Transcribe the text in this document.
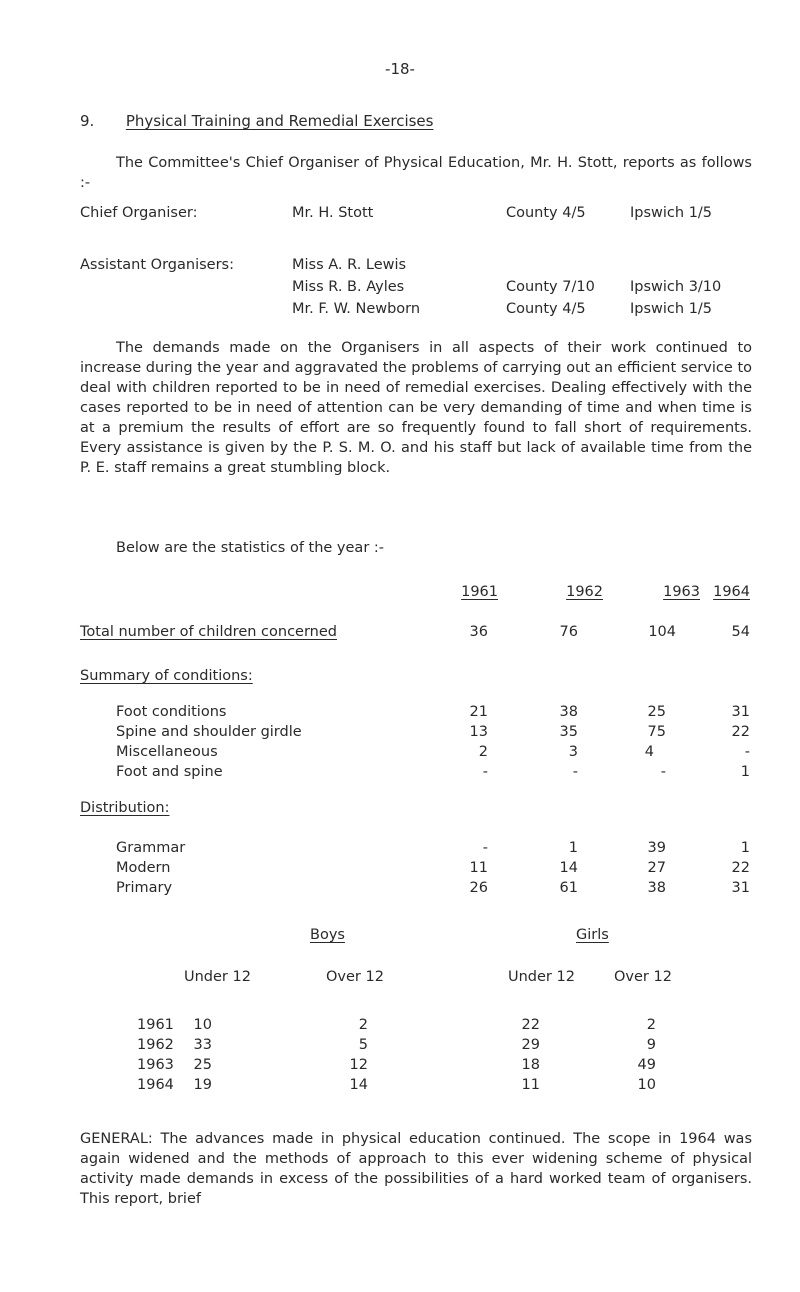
-18-
9. Physical Training and Remedial Exercises
The Committee's Chief Organiser of Physical Education, Mr. H. Stott, reports as follows :-
Chief Organiser:	Mr. H. Stott	County 4/5	Ipswich 1/5
Assistant Organisers:	Miss A. R. Lewis
Miss R. B. Ayles	County 7/10 Ipswich 3/10
Mr. F. W. Newborn	County 4/5	Ipswich 1/5
The demands made on the Organisers in all aspects of their work continued to increase during the year and aggravated the problems of carrying out an efficient service to deal with children reported to be in need of remedial exercises. Dealing effectively with the cases reported to be in need of attention can be very demanding of time and when time is at a premium the results of effort are so frequently found to fall short of requirements. Every assistance is given by the P. S. M. O. and his staff but lack of available time from the P. E. staff remains a great stumbling block.
Below are the statistics of the year :-
1961	1962	1963 1964
Total number of children concerned	36	76	104	54
Summary of conditions:
Foot conditions	21	38	25	31
Spine and shoulder girdle	13	35	75	22
Miscellaneous	2	3	4	-
Foot and spine	-	-	-	1
Distribution:
Grammar	-	1	39	1
Modern	11	14	27	22
Primary	26	61	38	31
Boys	Girls
Under 12	Over 12	Under 12	Over 12
1961	10	2	22	2
1962	33	5	29	9
1963	25	12	18	49
1964	19	14	11	10
GENERAL: The advances made in physical education continued. The scope in 1964 was again widened and the methods of approach to this ever widening scheme of physical activity made demands in excess of the possibilities of a hard worked team of organisers. This report, brief
